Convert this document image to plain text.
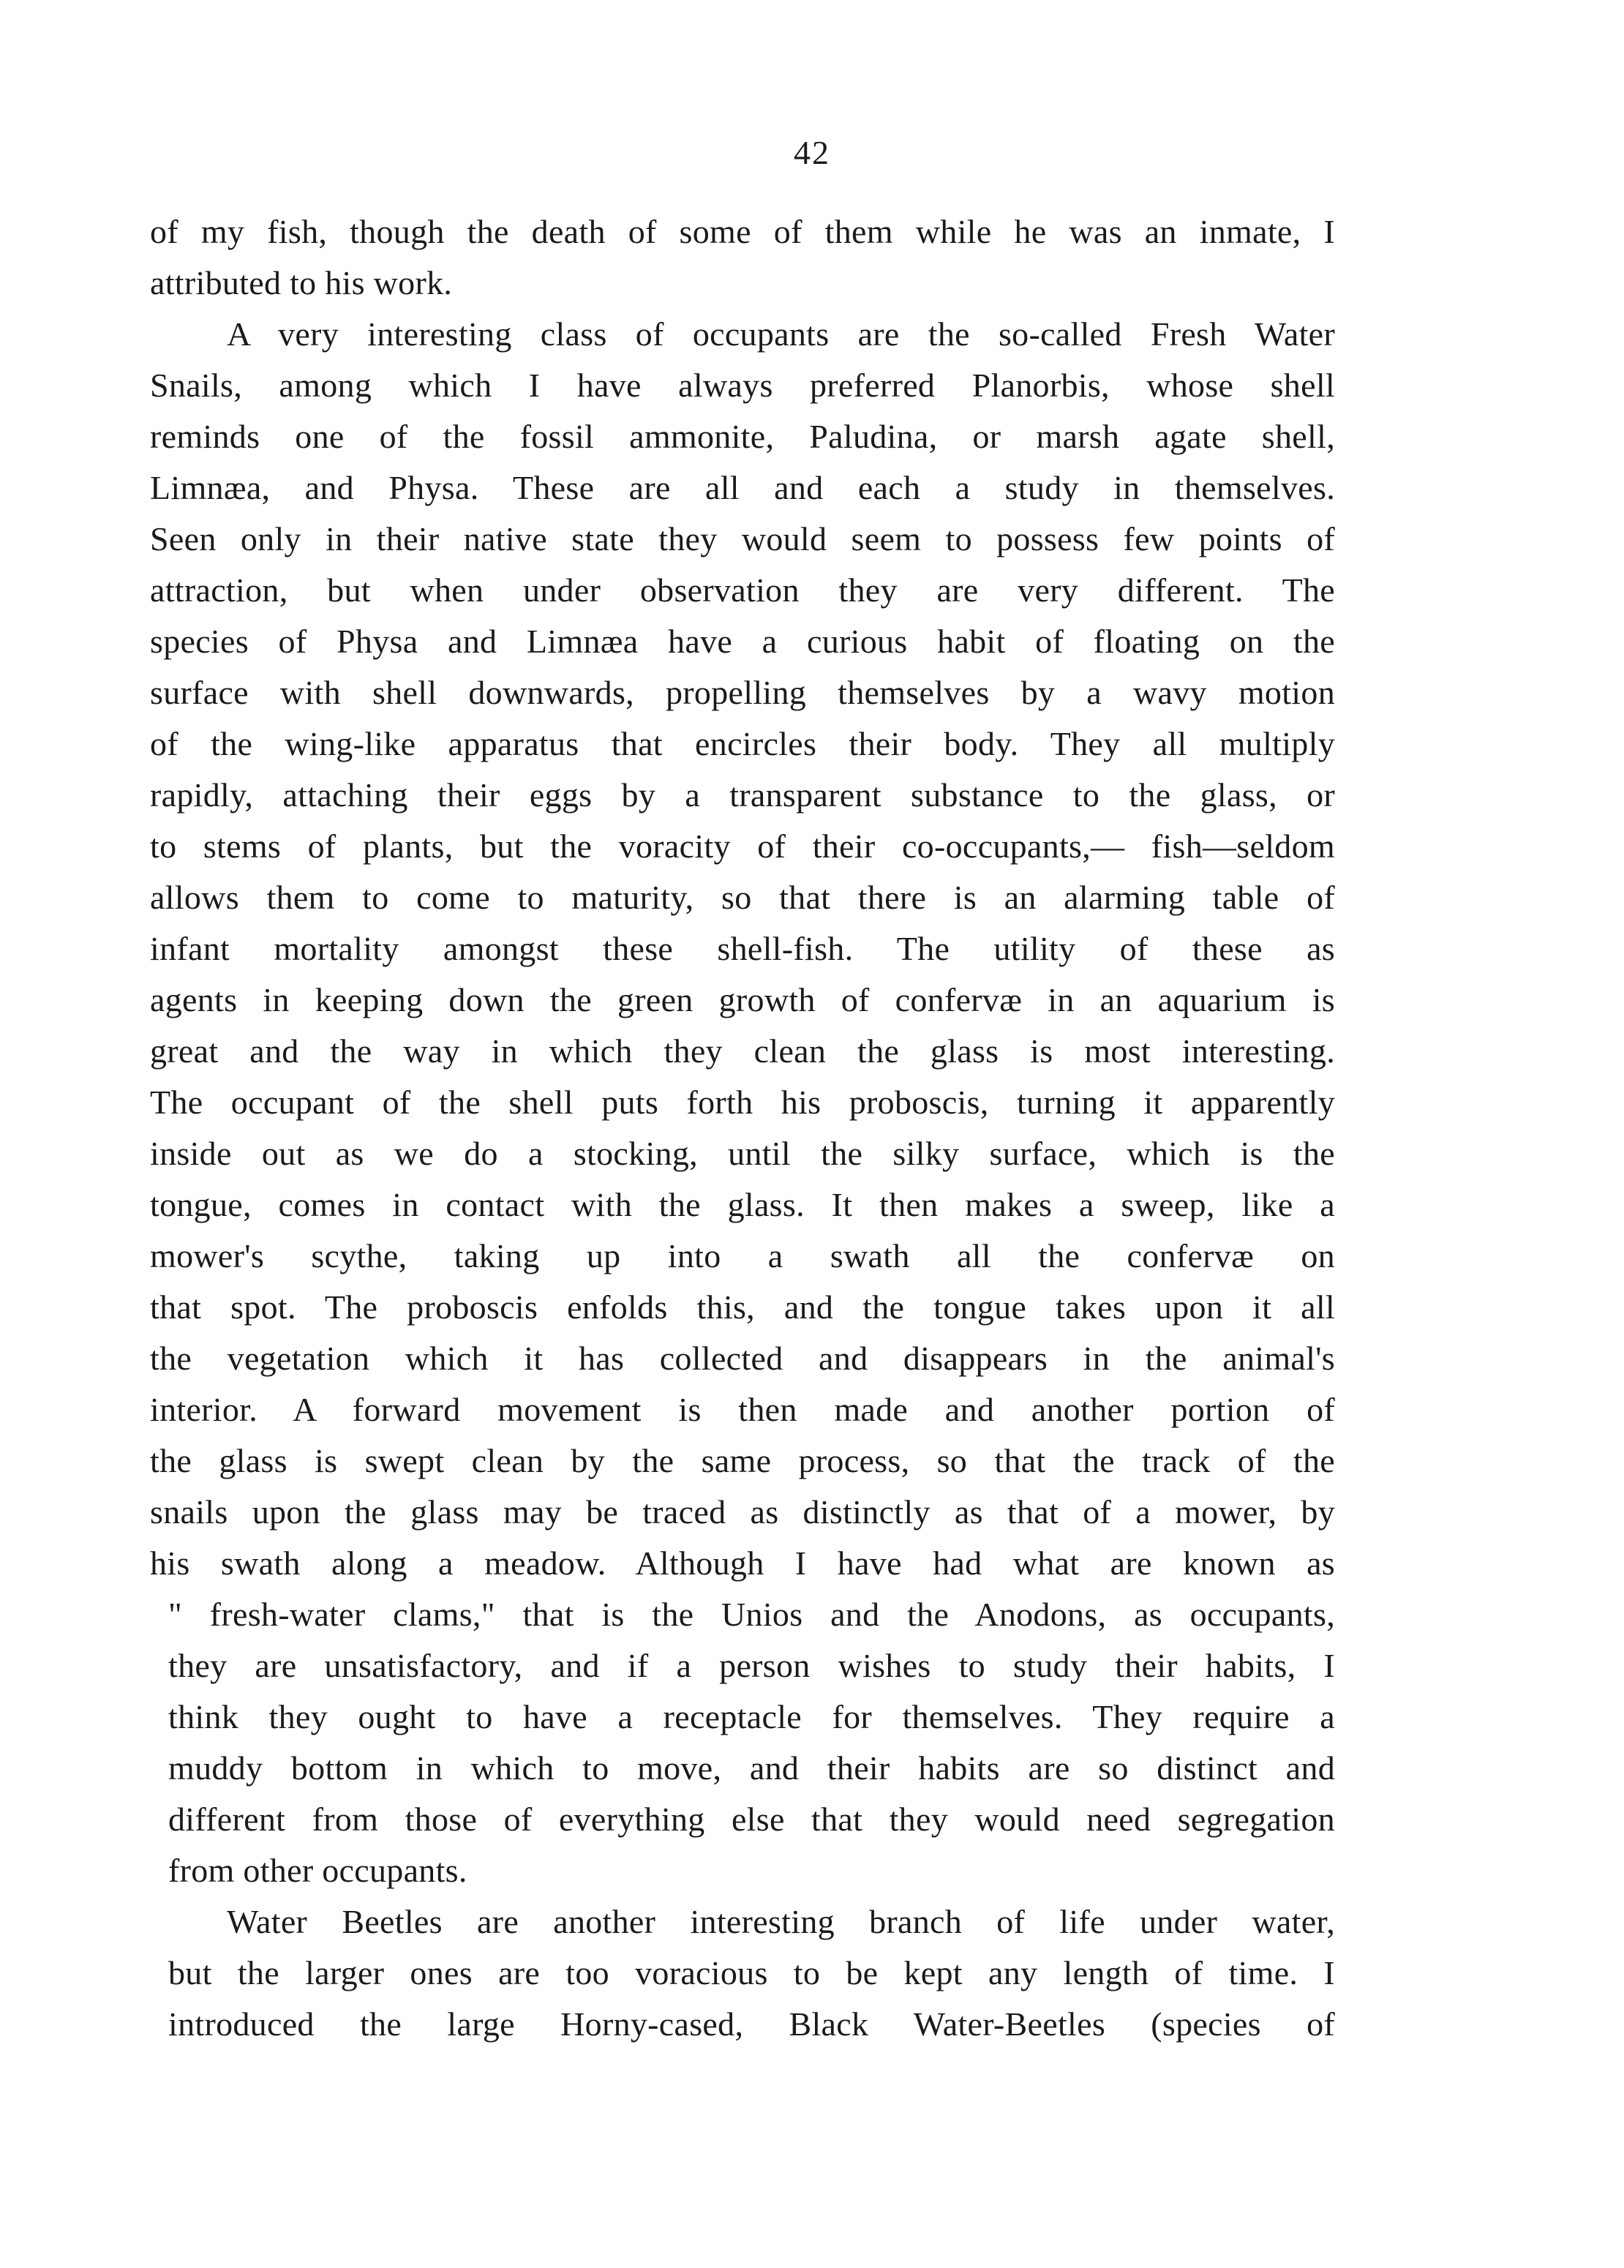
42
of my fish, though the death of some of them while he was an inmate, I
attributed to his work.
A very interesting class of occupants are the so-called Fresh Water
Snails, among which I have always preferred Planorbis, whose shell
reminds one of the fossil ammonite, Paludina, or marsh agate shell,
Limnæa, and Physa. These are all and each a study in themselves.
Seen only in their native state they would seem to possess few points of
attraction, but when under observation they are very different. The
species of Physa and Limnæa have a curious habit of floating on the
surface with shell downwards, propelling themselves by a wavy motion
of the wing-like apparatus that encircles their body. They all multiply
rapidly, attaching their eggs by a transparent substance to the glass, or
to stems of plants, but the voracity of their co-occupants,— fish—seldom
allows them to come to maturity, so that there is an alarming table of
infant mortality amongst these shell-fish. The utility of these as
agents in keeping down the green growth of confervæ in an aquarium is
great and the way in which they clean the glass is most interesting.
The occupant of the shell puts forth his proboscis, turning it apparently
inside out as we do a stocking, until the silky surface, which is the
tongue, comes in contact with the glass. It then makes a sweep, like a
mower's scythe, taking up into a swath all the confervæ on
that spot. The proboscis enfolds this, and the tongue takes upon it all
the vegetation which it has collected and disappears in the animal's
interior. A forward movement is then made and another portion of
the glass is swept clean by the same process, so that the track of the
snails upon the glass may be traced as distinctly as that of a mower, by
his swath along a meadow. Although I have had what are known as
" fresh-water clams," that is the Unios and the Anodons, as occupants,
they are unsatisfactory, and if a person wishes to study their habits, I
think they ought to have a receptacle for themselves. They require a
muddy bottom in which to move, and their habits are so distinct and
different from those of everything else that they would need segregation
from other occupants.
Water Beetles are another interesting branch of life under water,
but the larger ones are too voracious to be kept any length of time. I
introduced the large Horny-cased, Black Water-Beetles (species of
